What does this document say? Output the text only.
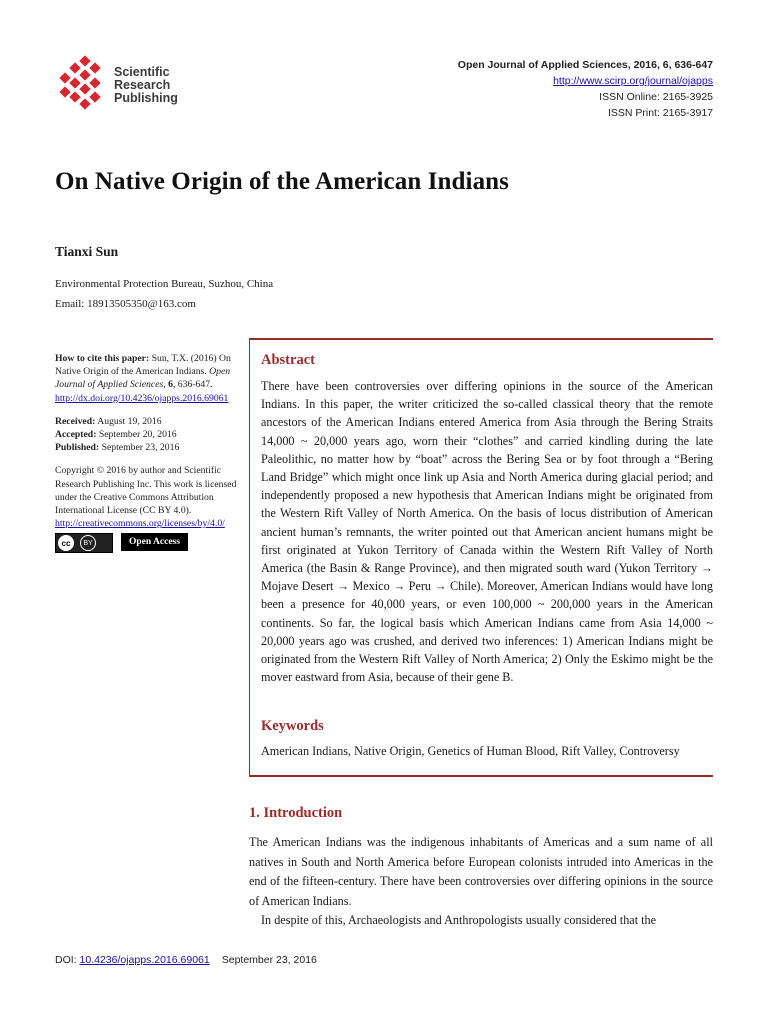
Scientific
Research
Publishing
Open Journal of Applied Sciences, 2016, 6, 636-647
http://www.scirp.org/journal/ojapps
ISSN Online: 2165-3925
ISSN Print: 2165-3917
On Native Origin of the American Indians
Tianxi Sun
Environmental Protection Bureau, Suzhou, China
Email: 18913505350@163.com

How to cite this paper: Sun, T.X. (2016) On Native Origin of the American Indians. Open Journal of Applied Sciences, 6, 636-647.
http://dx.doi.org/10.4236/ojapps.2016.69061

Received: August 19, 2016
Accepted: September 20, 2016
Published: September 23, 2016

Copyright © 2016 by author and Scientific Research Publishing Inc. This work is licensed under the Creative Commons Attribution International License (CC BY 4.0).
http://creativecommons.org/licenses/by/4.0/

cc	BY	Open Access
Abstract
There have been controversies over differing opinions in the source of the American Indians. In this paper, the writer criticized the so-called classical theory that the remote ancestors of the American Indians entered America from Asia through the Bering Straits 14,000 ~ 20,000 years ago, worn their “clothes” and carried kindling during the late Paleolithic, no matter how by “boat” across the Bering Sea or by foot through a “Bering Land Bridge” which might once link up Asia and North America during glacial period; and independently proposed a new hypothesis that American Indians might be originated from the Western Rift Valley of North America. On the basis of locus distribution of American ancient human’s remnants, the writer pointed out that American ancient humans might be first originated at Yukon Territory of Canada within the Western Rift Valley of North America (the Basin & Range Province), and then migrated south ward (Yukon Territory → Mojave Desert → Mexico → Peru → Chile). Moreover, American Indians would have long been a presence for 40,000 years, or even 100,000 ~ 200,000 years in the American continents. So far, the logical basis which American Indians came from Asia 14,000 ~ 20,000 years ago was crushed, and derived two inferences: 1) American Indians might be originated from the Western Rift Valley of North America; 2) Only the Eskimo might be the mover eastward from Asia, because of their gene B.
Keywords
American Indians, Native Origin, Genetics of Human Blood, Rift Valley, Controversy
1. Introduction

The American Indians was the indigenous inhabitants of Americas and a sum name of all natives in South and North America before European colonists intruded into Americas in the end of the fifteen-century. There have been controversies over differing opinions in the source of American Indians.

In despite of this, Archaeologists and Anthropologists usually considered that the

DOI: 10.4236/ojapps.2016.69061 September 23, 2016
